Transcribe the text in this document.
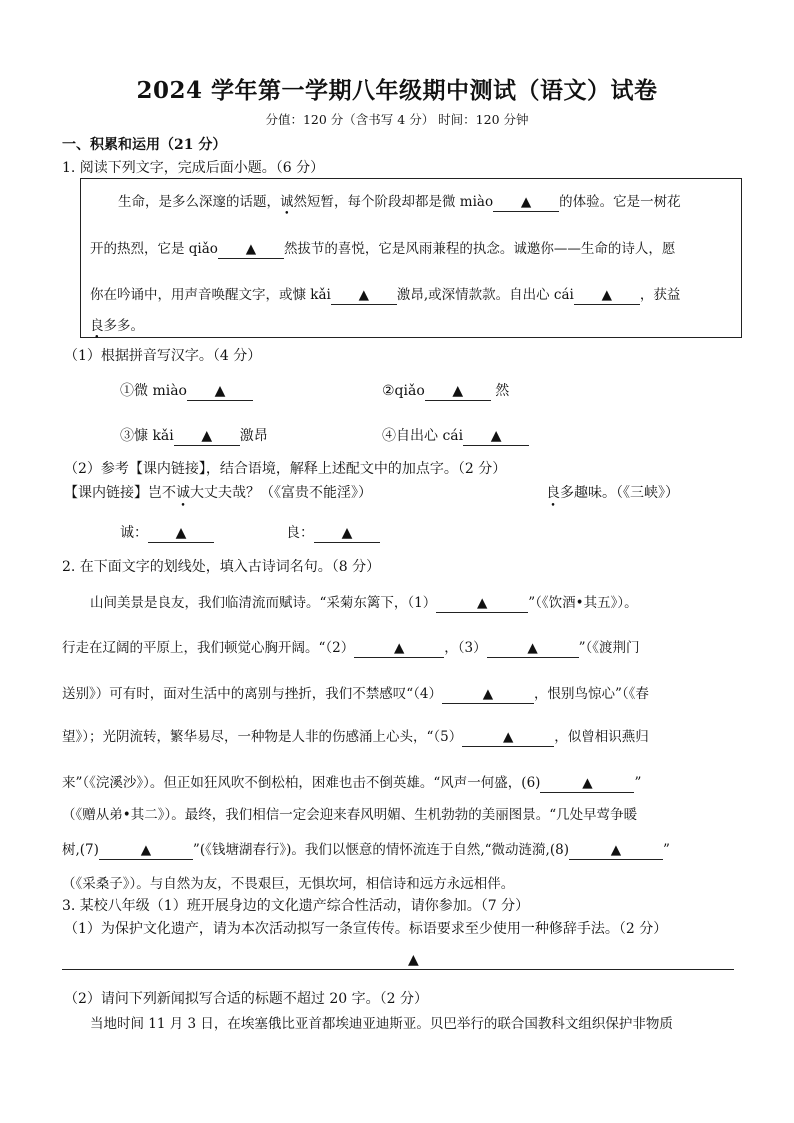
2024 学年第一学期八年级期中测试（语文）试卷
分值：120 分（含书写 4 分） 时间：120 分钟
一、积累和运用（21 分）
1. 阅读下列文字，完成后面小题。（6 分）
生命，是多么深邃的话题，诚然短暂，每个阶段却都是微 miào ▲ 的体验。它是一树花
开的热烈，它是 qiǎo ▲ 然拔节的喜悦，它是风雨兼程的执念。诚邀你——生命的诗人，愿
你在吟诵中，用声音唤醒文字，或慷 kǎi ▲ 激昂,或深情款款。自出心 cái ▲ ，获益
良多多。
（1）根据拼音写汉字。（4 分）
①微 miào ▲	②qiǎo ▲ 然
③慷 kǎi ▲ 激昂	④自出心 cái ▲
（2）参考【课内链接】，结合语境，解释上述配文中的加点字。（2 分）
【课内链接】岂不诚大丈夫哉？（《富贵不能淫》）	良多趣味。（《三峡》）
诚： ▲	良： ▲
2. 在下面文字的划线处，填入古诗词名句。（8 分）
山间美景是良友，我们临清流而赋诗。“采菊东篱下，（1）	▲	”（《饮酒•其五》）。
行走在辽阔的平原上，我们顿觉心胸开阔。“（2）	▲	，（3）	▲	”（《渡荆门
送别》）可有时，面对生活中的离别与挫折，我们不禁感叹“（4）	▲	，恨别鸟惊心”（《春
望》）；光阴流转，繁华易尽，一种物是人非的伤感涌上心头，“（5）	▲	，似曾相识燕归
来”（《浣溪沙》）。但正如狂风吹不倒松柏，困难也击不倒英雄。“风声一何盛，(6)	▲	”
（《赠从弟•其二》）。最终，我们相信一定会迎来春风明媚、生机勃勃的美丽图景。“几处早莺争暖
树,(7)	▲	”(《钱塘湖春行》)。我们以惬意的情怀流连于自然,“微动涟漪,(8)	▲	”
（《采桑子》）。与自然为友，不畏艰巨，无惧坎坷，相信诗和远方永远相伴。
3. 某校八年级（1）班开展身边的文化遗产综合性活动，请你参加。（7 分）
（1）为保护文化遗产，请为本次活动拟写一条宣传传。标语要求至少使用一种修辞手法。（2 分）
▲
（2）请问下列新闻拟写合适的标题不超过 20 字。（2 分）
当地时间 11 月 3 日，在埃塞俄比亚首都埃迪亚迪斯亚。贝巴举行的联合国教科文组织保护非物质
